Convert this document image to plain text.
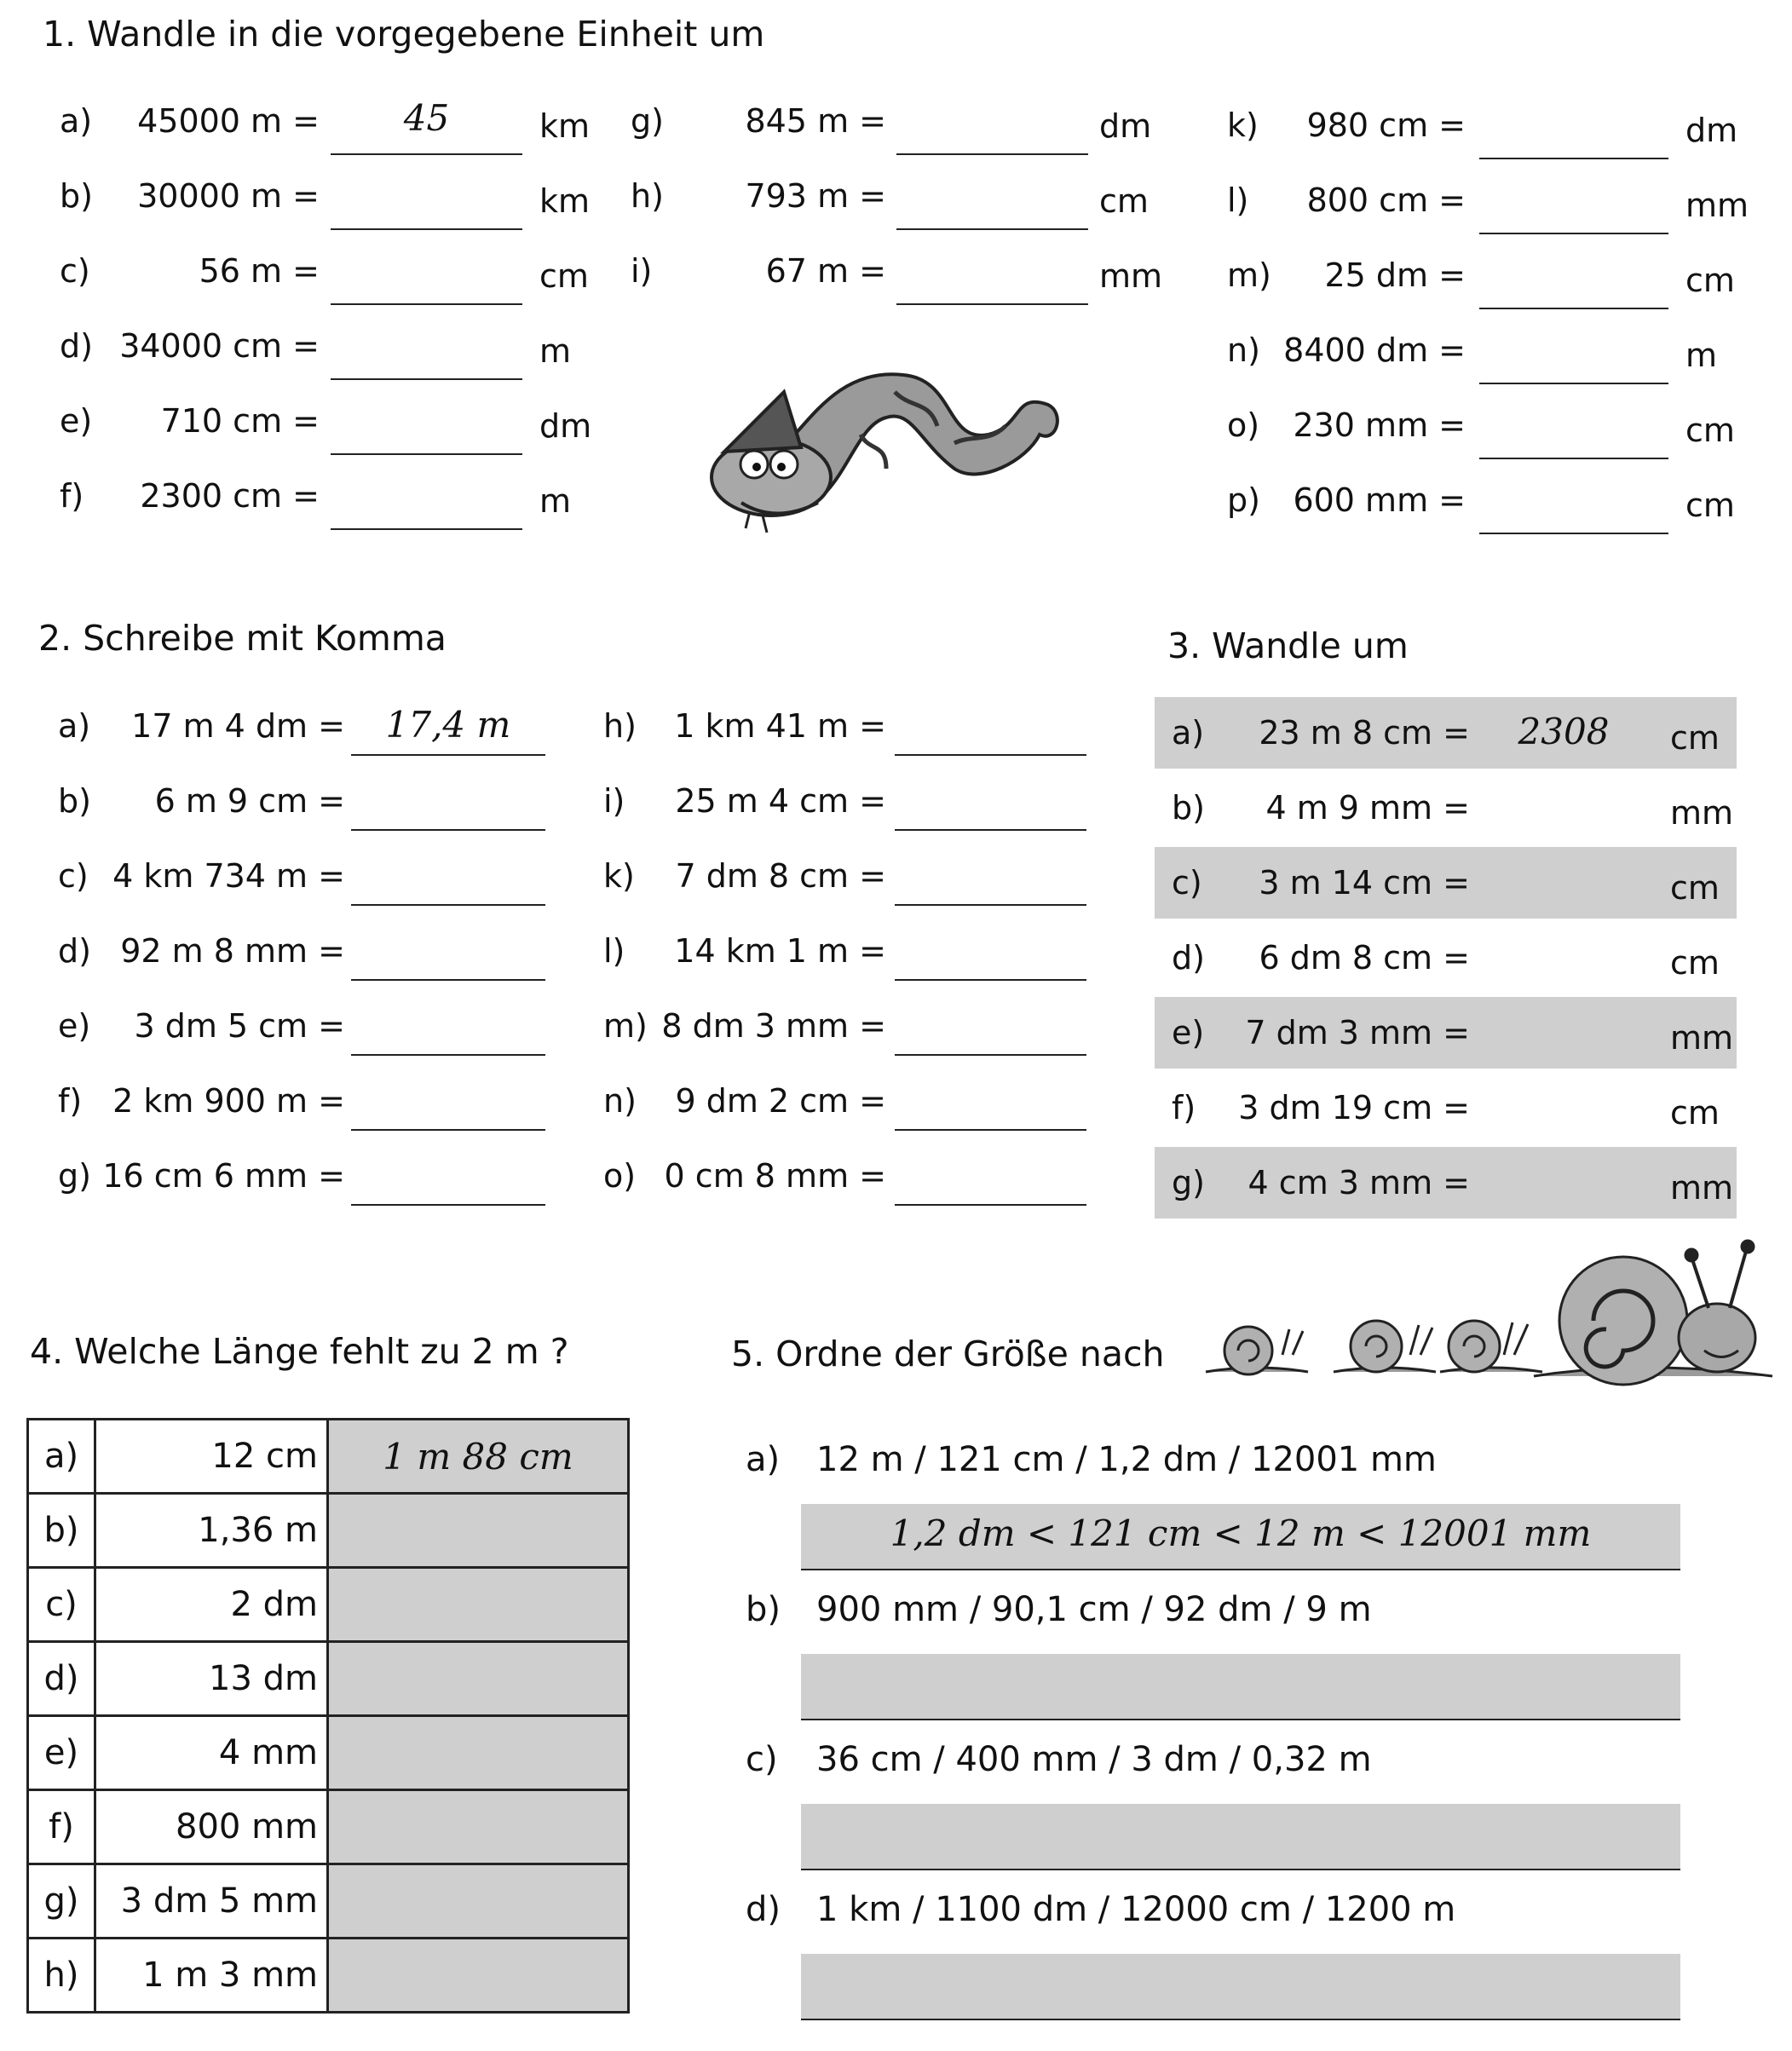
1. Wandle in die vorgegebene Einheit um
a)	45000 m =	45	km
b)	30000 m =	km
c)	56 m =	cm
d) 34000 cm =	m
e)	710 cm =	dm
f)	2300 cm =	m
g)	845 m =	dm
h)	793 m =	cm
i)	67 m =	mm
k)	980 cm =	dm
l)	800 cm =	mm
m)	25 dm =	cm
n) 8400 dm =	m
o)	230 mm =	cm
p)	600 mm =	cm
2. Schreibe mit Komma
a)	17 m 4 dm =	17,4 m
b)	6 m 9 cm =
c) 4 km 734 m =
d) 92 m 8 mm =
e)	3 dm 5 cm =
f) 2 km 900 m =
g) 16 cm 6 mm =
h)	1 km 41 m =
i)	25 m 4 cm =
k)	7 dm 8 cm =
l)	14 km 1 m =
m) 8 dm 3 mm =
n)	9 dm 2 cm =
o) 0 cm 8 mm =
3. Wandle um
a)	23 m 8 cm =	2308	cm
b)	4 m 9 mm =	mm
c)	3 m 14 cm =	cm
d)	6 dm 8 cm =	cm
e)	7 dm 3 mm =	mm
f)	3 dm 19 cm =	cm
g)	4 cm 3 mm =	mm
4. Welche Länge fehlt zu 2 m ?
a)	12 cm	1 m 88 cm
b)	1,36 m	
c)	2 dm	
d)	13 dm	
e)	4 mm	
f)	800 mm	
g)	3 dm 5 mm	
h)	1 m 3 mm	
5. Ordne der Größe nach
a) 12 m / 121 cm / 1,2 dm / 12001 mm
1,2 dm < 121 cm < 12 m < 12001 mm
b) 900 mm / 90,1 cm / 92 dm / 9 m
c) 36 cm / 400 mm / 3 dm / 0,32 m
d) 1 km / 1100 dm / 12000 cm / 1200 m
